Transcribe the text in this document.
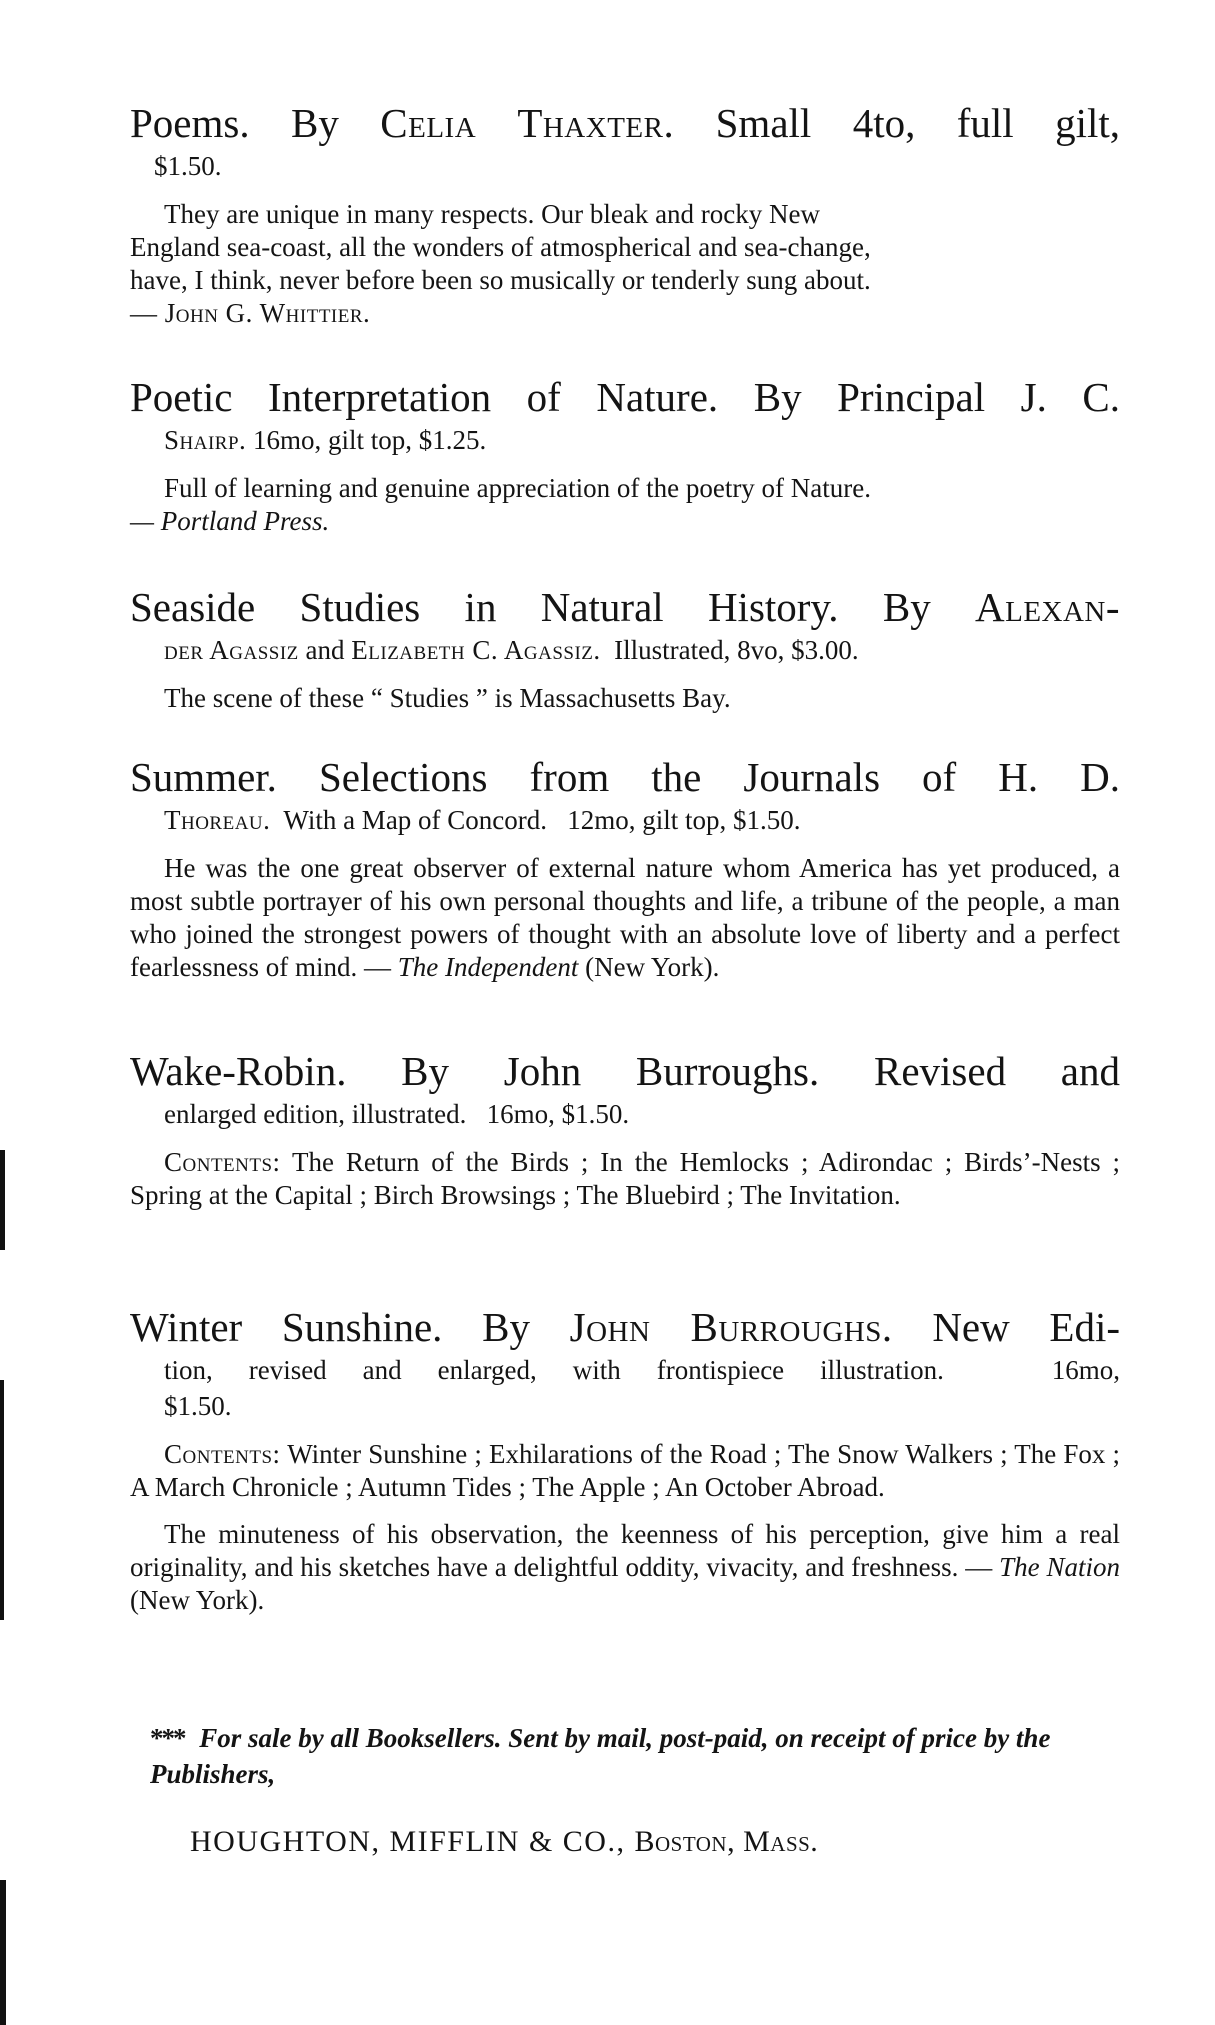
Poems. By Celia Thaxter. Small 4to, full gilt,

$1.50.

They are unique in many respects. Our bleak and rocky New

England sea-coast, all the wonders of atmospherical and sea-change,

have, I think, never before been so musically or tenderly sung about.

— John G. Whittier.

Poetic Interpretation of Nature. By Principal J. C.

Shairp. 16mo, gilt top, $1.25.

Full of learning and genuine appreciation of the poetry of Nature.

— Portland Press.

Seaside Studies in Natural History. By Alexan-

der Agassiz and Elizabeth C. Agassiz. Illustrated, 8vo, $3.00.

The scene of these “ Studies ” is Massachusetts Bay.

Summer. Selections from the Journals of H. D.

Thoreau. With a Map of Concord.   12mo, gilt top, $1.50.

He was the one great observer of external nature whom America has yet produced, a most subtle portrayer of his own personal thoughts and life, a tribune of the people, a man who joined the strongest powers of thought with an absolute love of liberty and a perfect fearlessness of mind. — The Independent (New York).

Wake-Robin. By John Burroughs. Revised and

enlarged edition, illustrated.   16mo, $1.50.

Contents: The Return of the Birds ; In the Hemlocks ; Adirondac ; Birds’-Nests ; Spring at the Capital ; Birch Browsings ; The Bluebird ; The Invitation.

Winter Sunshine. By John Burroughs. New Edi-

tion, revised and enlarged, with frontispiece illustration.   16mo,

$1.50.

Contents: Winter Sunshine ; Exhilarations of the Road ; The Snow Walkers ; The Fox ; A March Chronicle ; Autumn Tides ; The Apple ; An October Abroad.

The minuteness of his observation, the keenness of his perception, give him a real originality, and his sketches have a delightful oddity, vivacity, and freshness. — The Nation (New York).

*** For sale by all Booksellers. Sent by mail, post-paid, on receipt of price by the Publishers,

HOUGHTON, MIFFLIN & CO., Boston, Mass.
